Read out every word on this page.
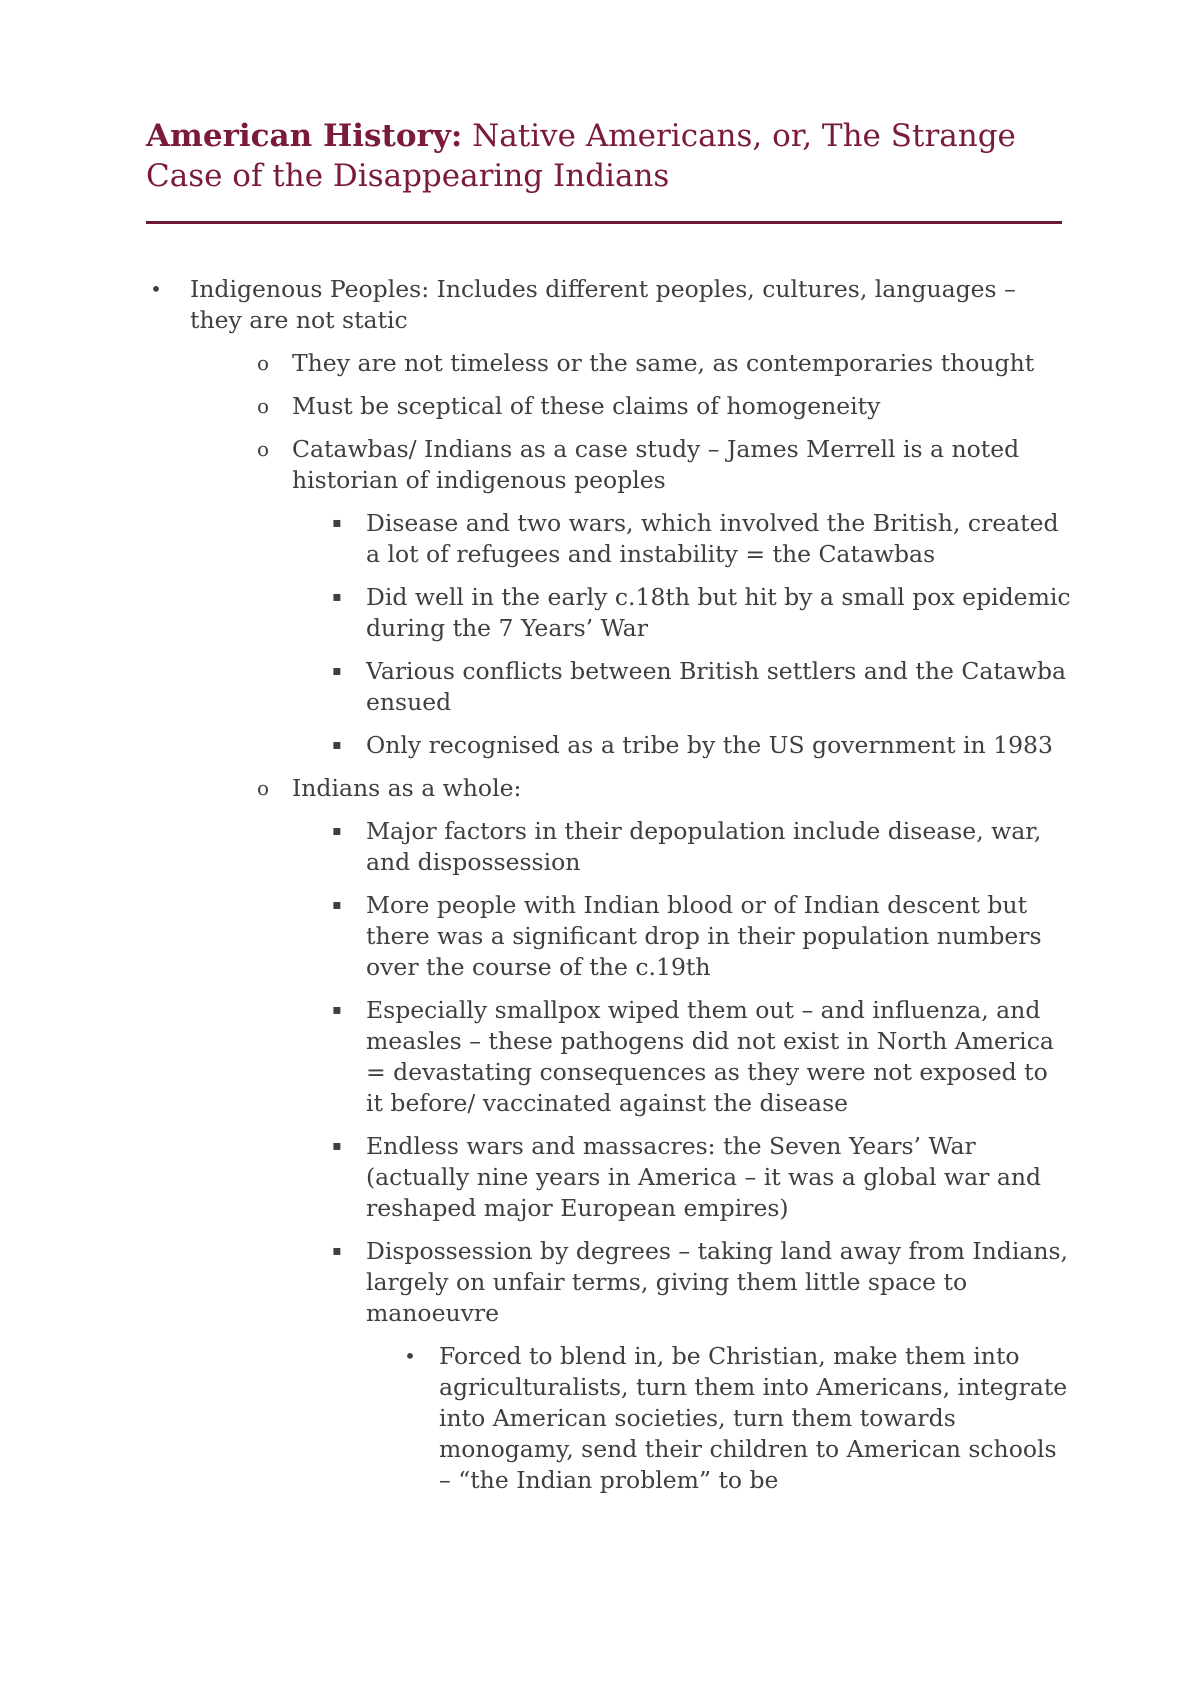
American History: Native Americans, or, The Strange Case of the Disappearing Indians
• Indigenous Peoples: Includes different peoples, cultures, languages – they are not static
o They are not timeless or the same, as contemporaries thought
o Must be sceptical of these claims of homogeneity
o Catawbas/ Indians as a case study – James Merrell is a noted historian of indigenous peoples
▪	Disease and two wars, which involved the British, created a lot of refugees and instability = the Catawbas
▪	Did well in the early c.18th but hit by a small pox epidemic during the 7 Years’ War
▪	Various conflicts between British settlers and the Catawba ensued
▪	Only recognised as a tribe by the US government in 1983
o Indians as a whole:
▪	Major factors in their depopulation include disease, war, and dispossession
▪	More people with Indian blood or of Indian descent but there was a significant drop in their population numbers over the course of the c.19th
▪	Especially smallpox wiped them out – and influenza, and measles – these pathogens did not exist in North America = devastating consequences as they were not exposed to it before/ vaccinated against the disease
▪	Endless wars and massacres: the Seven Years’ War (actually nine years in America – it was a global war and reshaped major European empires)
▪	Dispossession by degrees – taking land away from Indians, largely on unfair terms, giving them little space to manoeuvre
• Forced to blend in, be Christian, make them into agriculturalists, turn them into Americans, integrate into American societies, turn them towards monogamy, send their children to American schools – “the Indian problem” to be
